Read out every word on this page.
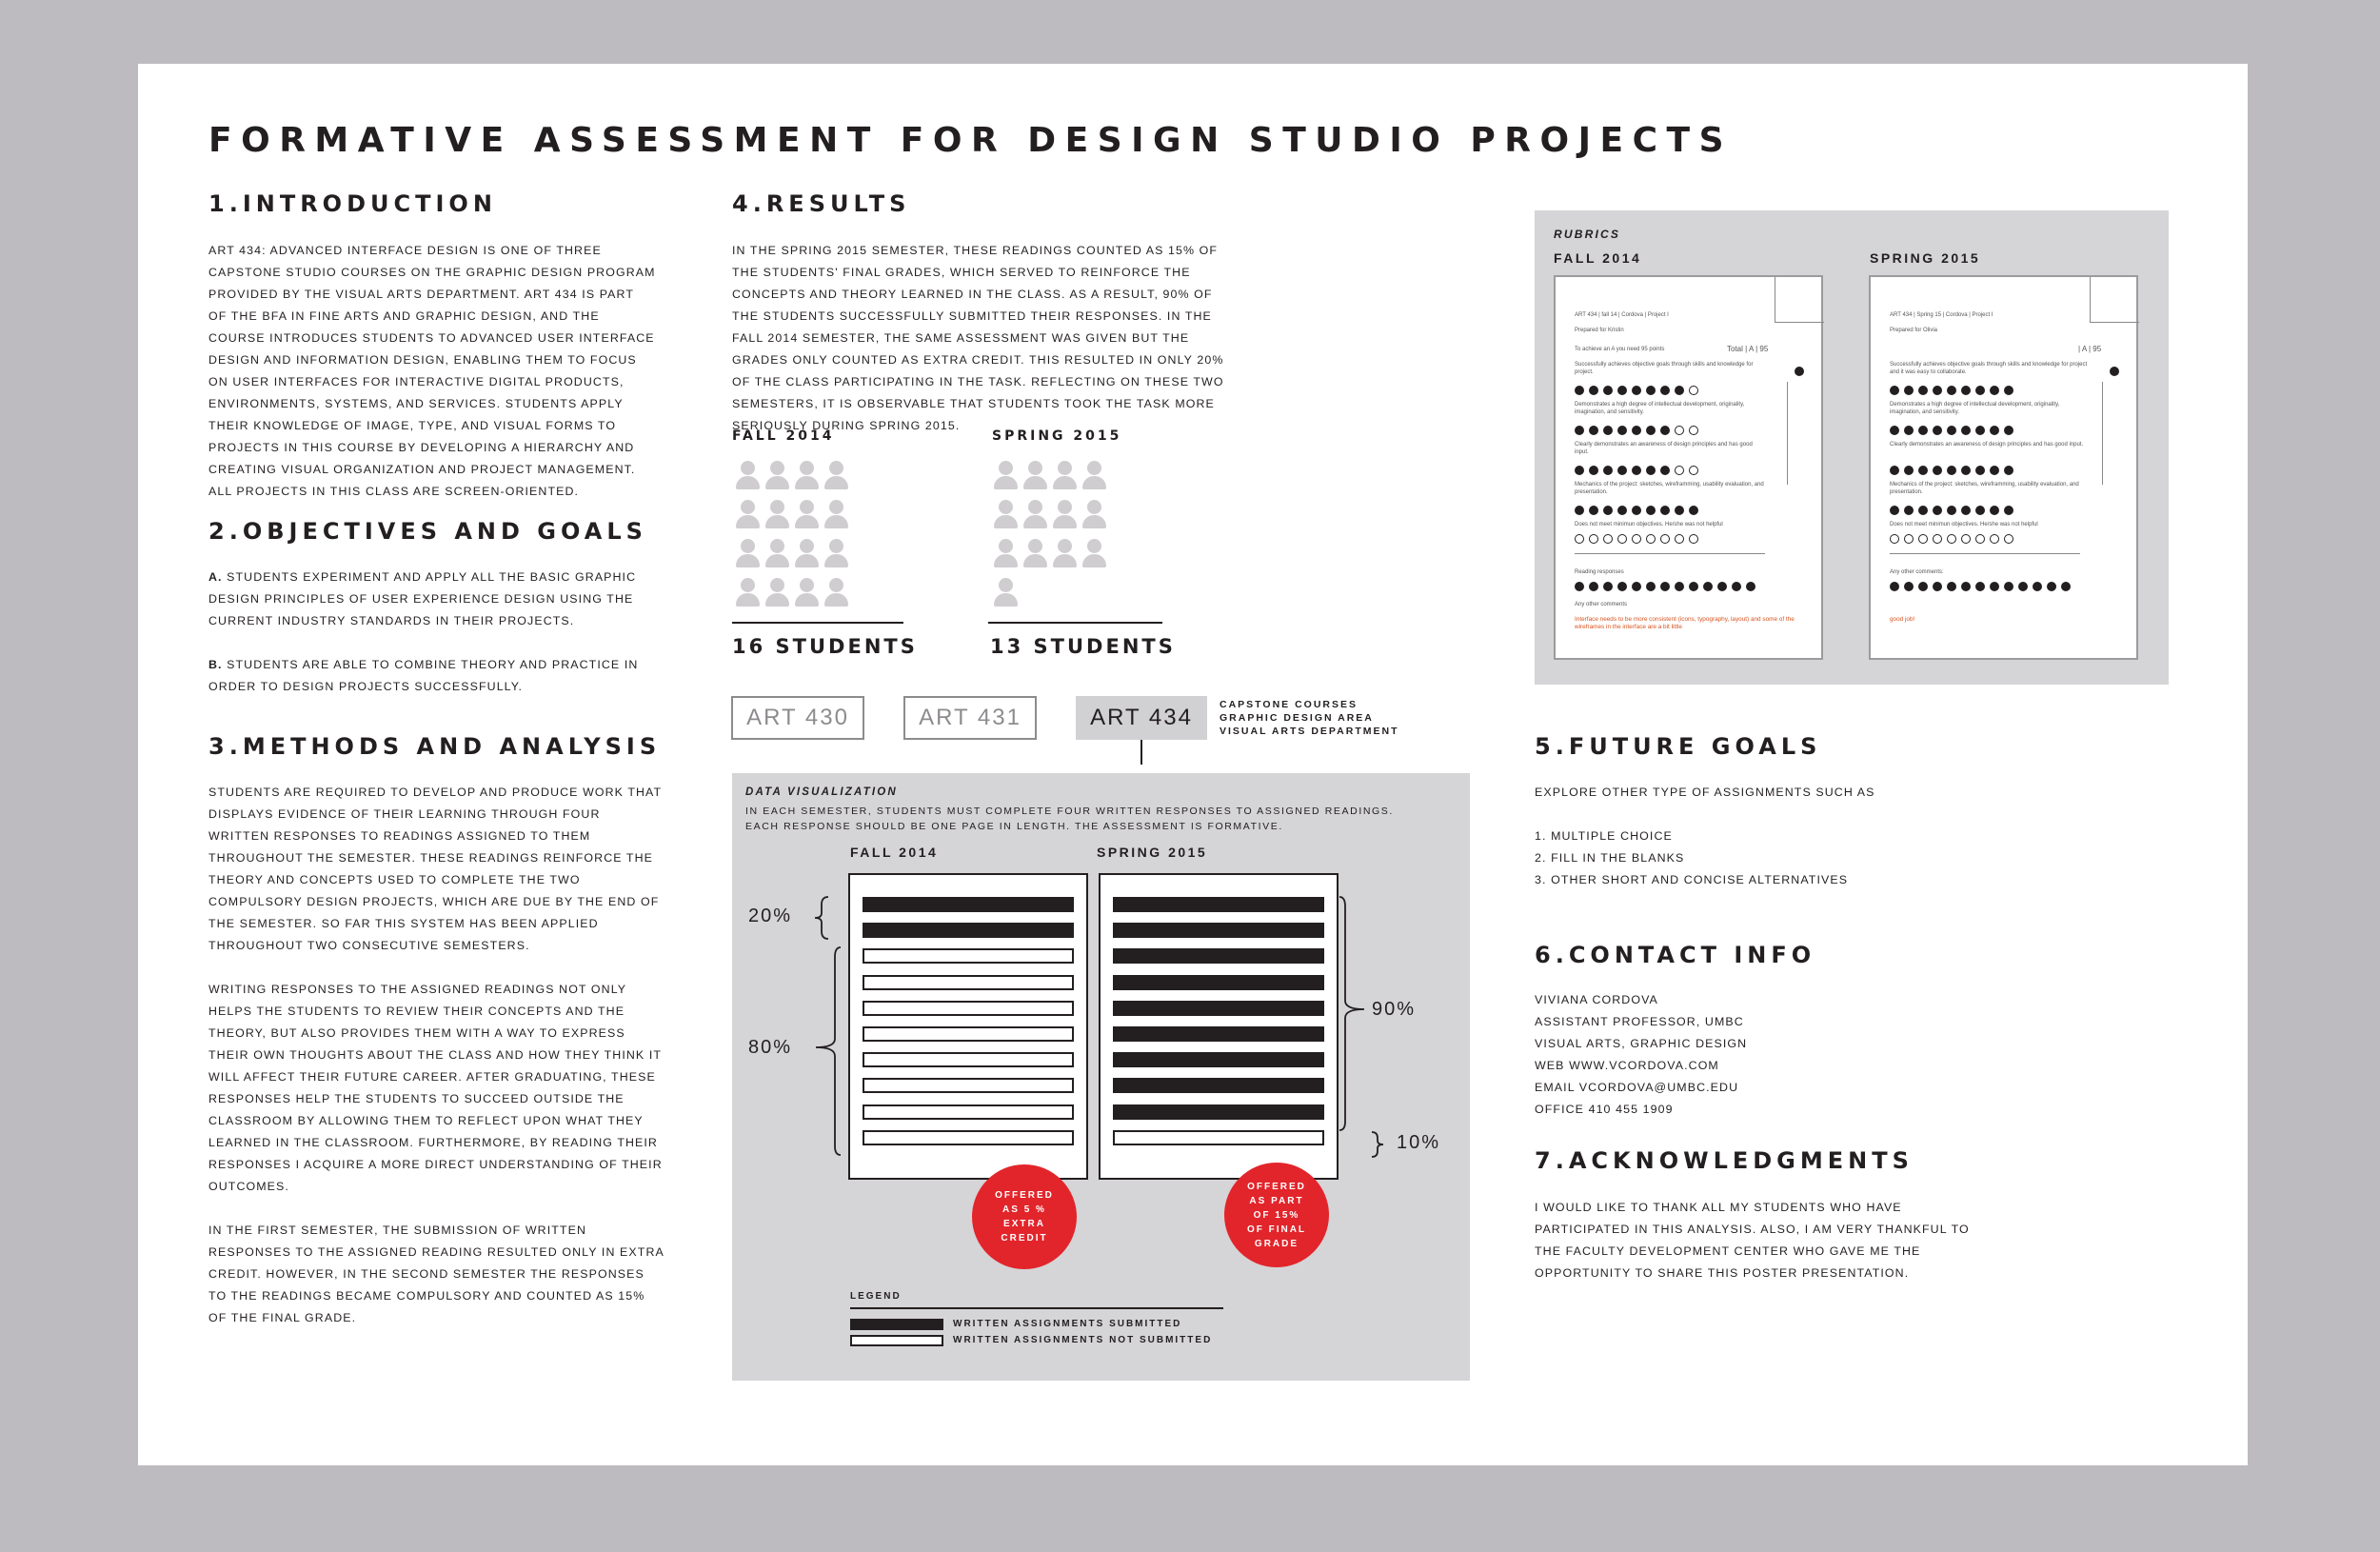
FORMATIVE ASSESSMENT FOR DESIGN STUDIO PROJECTS
1.INTRODUCTION

ART 434: ADVANCED INTERFACE DESIGN IS ONE OF THREE CAPSTONE STUDIO COURSES ON THE GRAPHIC DESIGN PROGRAM PROVIDED BY THE VISUAL ARTS DEPARTMENT. ART 434 IS PART OF THE BFA IN FINE ARTS AND GRAPHIC DESIGN, AND THE COURSE INTRODUCES STUDENTS TO ADVANCED USER INTERFACE DESIGN AND INFORMATION DESIGN, ENABLING THEM TO FOCUS ON USER INTERFACES FOR INTERACTIVE DIGITAL PRODUCTS, ENVIRONMENTS, SYSTEMS, AND SERVICES. STUDENTS APPLY THEIR KNOWLEDGE OF IMAGE, TYPE, AND VISUAL FORMS TO PROJECTS IN THIS COURSE BY DEVELOPING A HIERARCHY AND CREATING VISUAL ORGANIZATION AND PROJECT MANAGEMENT. ALL PROJECTS IN THIS CLASS ARE SCREEN-ORIENTED.

2.OBJECTIVES AND GOALS

A. STUDENTS EXPERIMENT AND APPLY ALL THE BASIC GRAPHIC DESIGN PRINCIPLES OF USER EXPERIENCE DESIGN USING THE CURRENT INDUSTRY STANDARDS IN THEIR PROJECTS.

B. STUDENTS ARE ABLE TO COMBINE THEORY AND PRACTICE IN ORDER TO DESIGN PROJECTS SUCCESSFULLY.

3.METHODS AND ANALYSIS

STUDENTS ARE REQUIRED TO DEVELOP AND PRODUCE WORK THAT DISPLAYS EVIDENCE OF THEIR LEARNING THROUGH FOUR WRITTEN RESPONSES TO READINGS ASSIGNED TO THEM THROUGHOUT THE SEMESTER. THESE READINGS REINFORCE THE THEORY AND CONCEPTS USED TO COMPLETE THE TWO COMPULSORY DESIGN PROJECTS, WHICH ARE DUE BY THE END OF THE SEMESTER. SO FAR THIS SYSTEM HAS BEEN APPLIED THROUGHOUT TWO CONSECUTIVE SEMESTERS.

WRITING RESPONSES TO THE ASSIGNED READINGS NOT ONLY HELPS THE STUDENTS TO REVIEW THEIR CONCEPTS AND THE THEORY, BUT ALSO PROVIDES THEM WITH A WAY TO EXPRESS THEIR OWN THOUGHTS ABOUT THE CLASS AND HOW THEY THINK IT WILL AFFECT THEIR FUTURE CAREER. AFTER GRADUATING, THESE RESPONSES HELP THE STUDENTS TO SUCCEED OUTSIDE THE CLASSROOM BY ALLOWING THEM TO REFLECT UPON WHAT THEY LEARNED IN THE CLASSROOM. FURTHERMORE, BY READING THEIR RESPONSES I ACQUIRE A MORE DIRECT UNDERSTANDING OF THEIR OUTCOMES.

IN THE FIRST SEMESTER, THE SUBMISSION OF WRITTEN RESPONSES TO THE ASSIGNED READING RESULTED ONLY IN EXTRA CREDIT. HOWEVER, IN THE SECOND SEMESTER THE RESPONSES TO THE READINGS BECAME COMPULSORY AND COUNTED AS 15% OF THE FINAL GRADE.

4.RESULTS

IN THE SPRING 2015 SEMESTER, THESE READINGS COUNTED AS 15% OF THE STUDENTS' FINAL GRADES, WHICH SERVED TO REINFORCE THE CONCEPTS AND THEORY LEARNED IN THE CLASS. AS A RESULT, 90% OF THE STUDENTS SUCCESSFULLY SUBMITTED THEIR RESPONSES. IN THE FALL 2014 SEMESTER, THE SAME ASSESSMENT WAS GIVEN BUT THE GRADES ONLY COUNTED AS EXTRA CREDIT. THIS RESULTED IN ONLY 20% OF THE CLASS PARTICIPATING IN THE TASK. REFLECTING ON THESE TWO SEMESTERS, IT IS OBSERVABLE THAT STUDENTS TOOK THE TASK MORE SERIOUSLY DURING SPRING 2015.

FALL 2014	SPRING 2015
16 STUDENTS	13 STUDENTS
ART 430	ART 431	ART 434	CAPSTONE COURSES
GRAPHIC DESIGN AREA
VISUAL ARTS DEPARTMENT
DATA VISUALIZATION
IN EACH SEMESTER, STUDENTS MUST COMPLETE FOUR WRITTEN RESPONSES TO ASSIGNED READINGS.
EACH RESPONSE SHOULD BE ONE PAGE IN LENGTH. THE ASSESSMENT IS FORMATIVE.
FALL 2014	SPRING 2015
20%
80%
90%
10%
OFFERED
AS 5 %
EXTRA
CREDIT
OFFERED
AS PART
OF 15%
OF FINAL
GRADE
LEGEND
WRITTEN ASSIGNMENTS SUBMITTED
WRITTEN ASSIGNMENTS NOT SUBMITTED
RUBRICS
FALL 2014	SPRING 2015
ART 434 | fall 14 | Cordova | Project I
Prepared for Kristin
To achieve an A you need 95 points	Total | A | 95
Successfully achieves objective goals through skills and knowledge for project.
Demonstrates a high degree of intellectual development, originality, imagination, and sensitivity.
Clearly demonstrates an awareness of design principles and has good input.
Mechanics of the project: sketches, wireframming, usability evaluation, and presentation.
Does not meet minimun objectives. He/she was not helpful
Reading responses
Any other comments
Interface needs to be more consistent (icons, typography, layout) and some of the wireframes in the interface are a bit little
ART 434 | Spring 15 | Cordova | Project I
Prepared for Olivia
| A | 95
Successfully achieves objective goals through skills and knowledge for project and it was easy to collaborate.
Demonstrates a high degree of intellectual development, originality, imagination, and sensitivity.
Clearly demonstrates an awareness of design principles and has good input.
Mechanics of the project: sketches, wireframming, usability evaluation, and presentation.
Does not meet minimun objectives. He/she was not helpful
Any other comments:
good job!
5.FUTURE GOALS

EXPLORE OTHER TYPE OF ASSIGNMENTS SUCH AS

1. MULTIPLE CHOICE
2. FILL IN THE BLANKS
3. OTHER SHORT AND CONCISE ALTERNATIVES
6.CONTACT INFO
VIVIANA CORDOVA
ASSISTANT PROFESSOR, UMBC
VISUAL ARTS, GRAPHIC DESIGN
WEB WWW.VCORDOVA.COM
EMAIL VCORDOVA@UMBC.EDU
OFFICE 410 455 1909
7.ACKNOWLEDGMENTS

I WOULD LIKE TO THANK ALL MY STUDENTS WHO HAVE PARTICIPATED IN THIS ANALYSIS. ALSO, I AM VERY THANKFUL TO THE FACULTY DEVELOPMENT CENTER WHO GAVE ME THE OPPORTUNITY TO SHARE THIS POSTER PRESENTATION.
